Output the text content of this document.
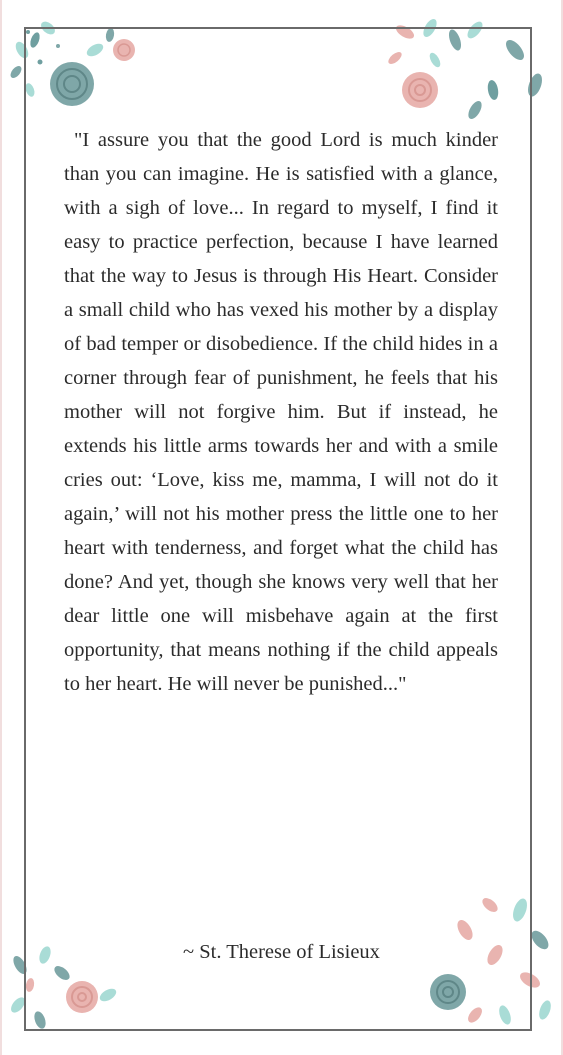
"I assure you that the good Lord is much kinder than you can imagine. He is satisfied with a glance, with a sigh of love... In regard to myself, I find it easy to practice perfection, because I have learned that the way to Jesus is through His Heart. Consider a small child who has vexed his mother by a display of bad temper or disobedience. If the child hides in a corner through fear of punishment, he feels that his mother will not forgive him. But if instead, he extends his little arms towards her and with a smile cries out: ‘Love, kiss me, mamma, I will not do it again,’ will not his mother press the little one to her heart with tenderness, and forget what the child has done? And yet, though she knows very well that her dear little one will misbehave again at the first opportunity, that means nothing if the child appeals to her heart. He will never be punished..."

~ St. Therese of Lisieux
